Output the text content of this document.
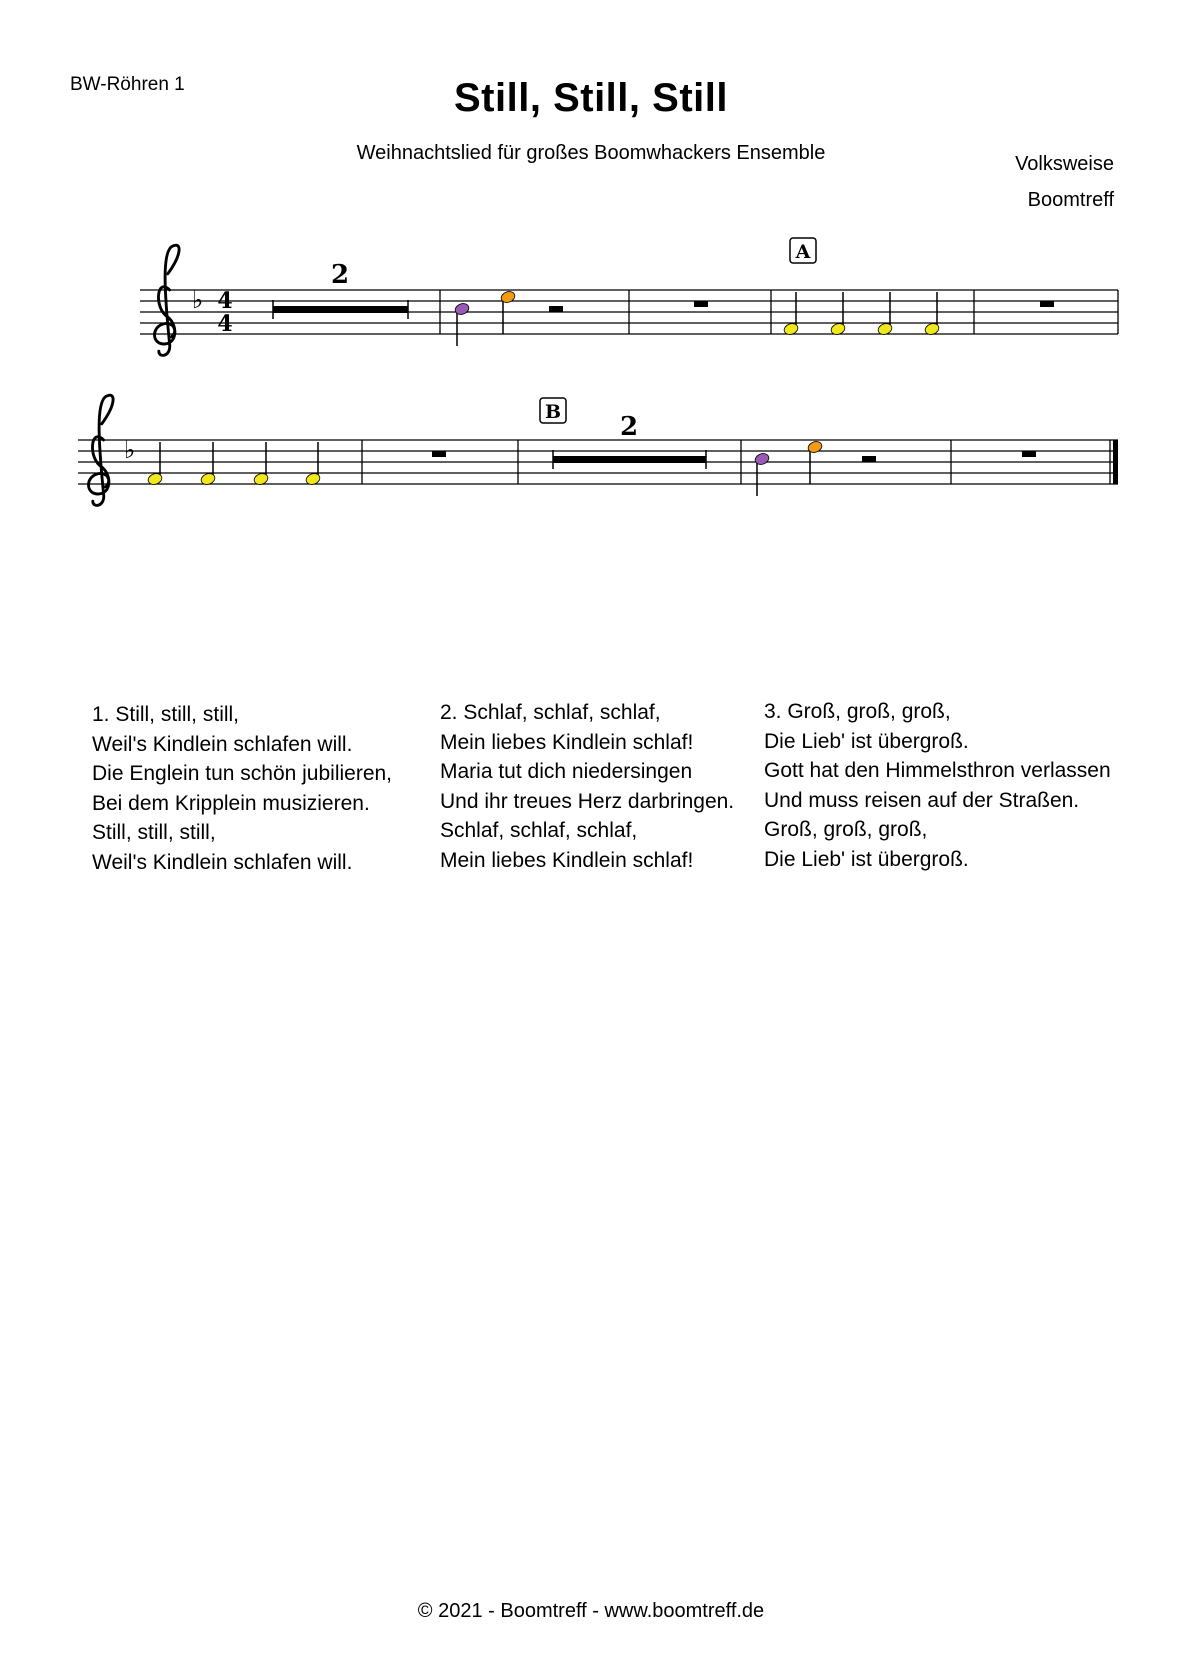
BW-Röhren 1	Still, Still, Still
Weihnachtslied für großes Boomwhackers Ensemble	Volksweise
Boomtreff
♭ 4
4
2
A
♭
B 2
1. Still, still, still,
Weil's Kindlein schlafen will.
Die Englein tun schön jubilieren,
Bei dem Kripplein musizieren.
Still, still, still,
Weil's Kindlein schlafen will.
2. Schlaf, schlaf, schlaf,
Mein liebes Kindlein schlaf!
Maria tut dich niedersingen
Und ihr treues Herz darbringen.
Schlaf, schlaf, schlaf,
Mein liebes Kindlein schlaf!
3. Groß, groß, groß,
Die Lieb' ist übergroß.
Gott hat den Himmelsthron verlassen
Und muss reisen auf der Straßen.
Groß, groß, groß,
Die Lieb' ist übergroß.
© 2021 - Boomtreff - www.boomtreff.de
